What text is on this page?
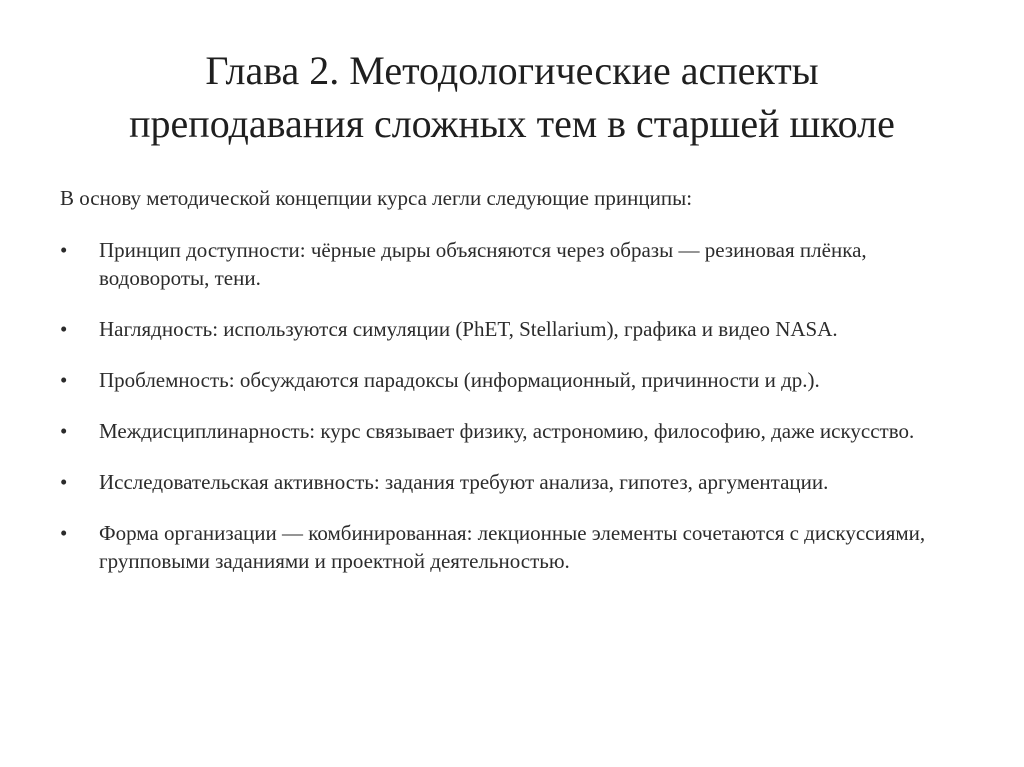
Глава 2. Методологические аспекты
преподавания сложных тем в старшей школе

В основу методической концепции курса легли следующие принципы:

•	Принцип доступности: чёрные дыры объясняются через образы — резиновая плёнка, водовороты, тени.
•	Наглядность: используются симуляции (PhET, Stellarium), графика и видео NASA.
•	Проблемность: обсуждаются парадоксы (информационный, причинности и др.).
•	Междисциплинарность: курс связывает физику, астрономию, философию, даже искусство.
•	Исследовательская активность: задания требуют анализа, гипотез, аргументации.
•	Форма организации — комбинированная: лекционные элементы сочетаются с дискуссиями, групповыми заданиями и проектной деятельностью.
